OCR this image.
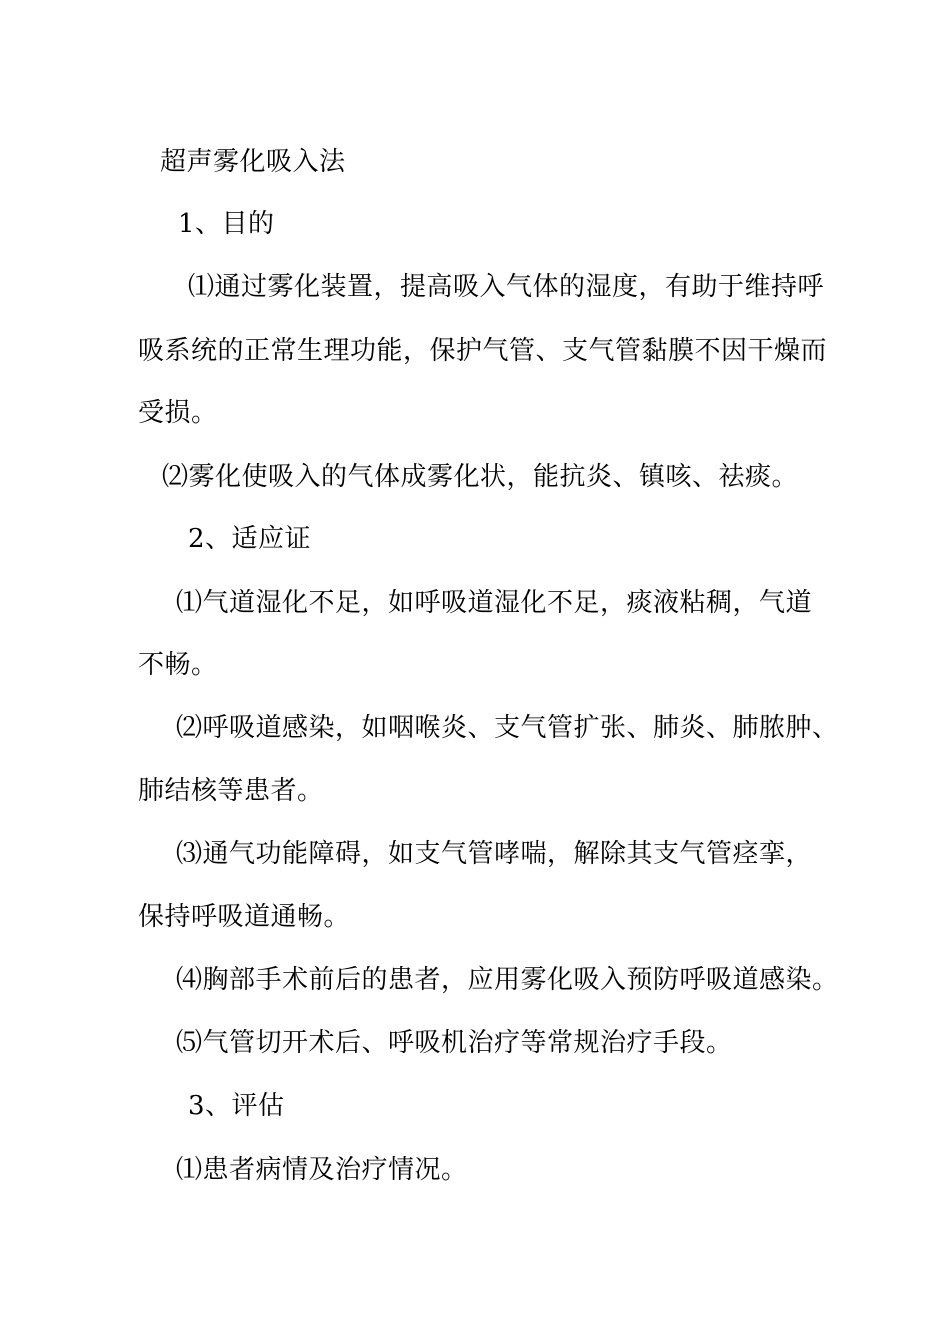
超声雾化吸入法
1、目的
⑴通过雾化装置，提高吸入气体的湿度，有助于维持呼
吸系统的正常生理功能，保护气管、支气管黏膜不因干燥而
受损。
⑵雾化使吸入的气体成雾化状，能抗炎、镇咳、祛痰。
2、适应证
⑴气道湿化不足，如呼吸道湿化不足，痰液粘稠，气道
不畅。
⑵呼吸道感染，如咽喉炎、支气管扩张、肺炎、肺脓肿、
肺结核等患者。
⑶通气功能障碍，如支气管哮喘，解除其支气管痉挛，
保持呼吸道通畅。
⑷胸部手术前后的患者，应用雾化吸入预防呼吸道感染。
⑸气管切开术后、呼吸机治疗等常规治疗手段。
3、评估
⑴患者病情及治疗情况。
